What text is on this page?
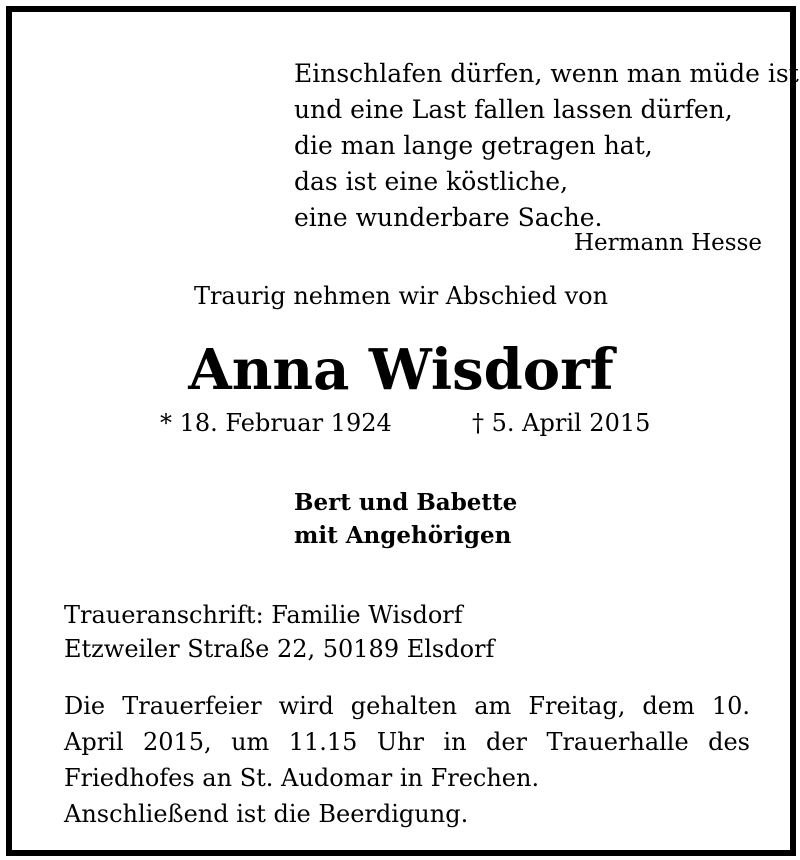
Einschlafen dürfen, wenn man müde ist
und eine Last fallen lassen dürfen,
die man lange getragen hat,
das ist eine köstliche,
eine wunderbare Sache.
Hermann Hesse
Traurig nehmen wir Abschied von
Anna Wisdorf
* 18. Februar 1924	† 5. April 2015
Bert und Babette
mit Angehörigen
Traueranschrift: Familie Wisdorf
Etzweiler Straße 22, 50189 Elsdorf
Die Trauerfeier wird gehalten am Freitag, dem 10. April 2015, um 11.15 Uhr in der Trauerhalle des Friedhofes an St. Audomar in Frechen.
Anschließend ist die Beerdigung.
